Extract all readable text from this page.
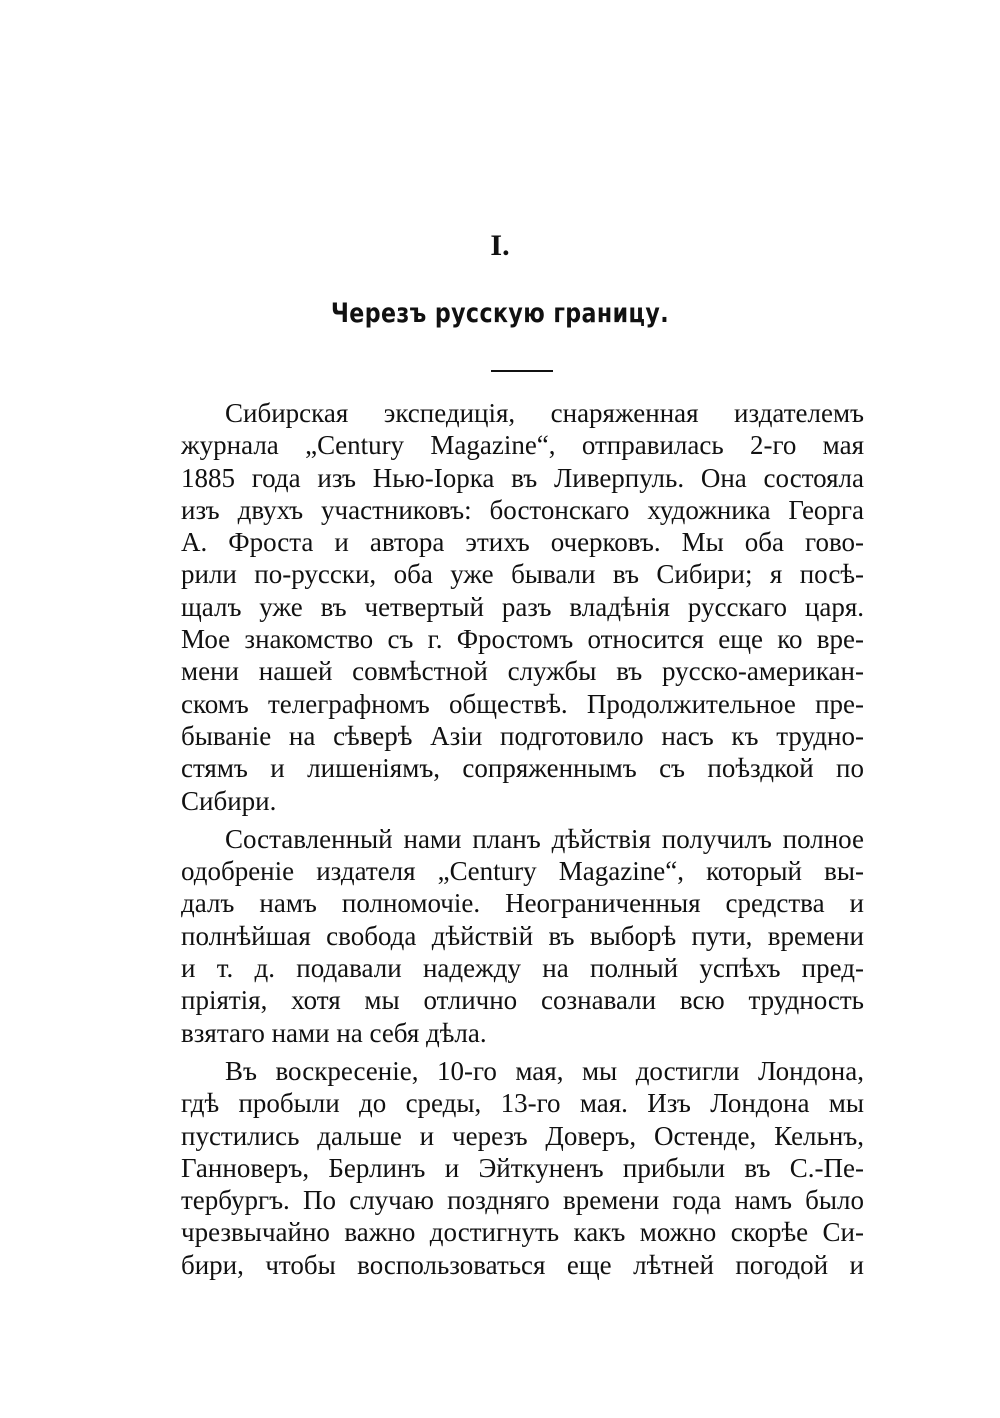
I.
Черезъ русскую границу.
Сибирская экспедиція, снаряженная издателемъ
журнала „Century Magazine“, отправилась 2-го мая
1885 года изъ Нью-Іорка въ Ливерпуль. Она состояла
изъ двухъ участниковъ: бостонскаго художника Георга
А. Фроста и автора этихъ очерковъ. Мы оба гово-
рили по-русски, оба уже бывали въ Сибири; я посѣ-
щалъ уже въ четвертый разъ владѣнія русскаго царя.
Мое знакомство съ г. Фростомъ относится еще ко вре-
мени нашей совмѣстной службы въ русско-американ-
скомъ телеграфномъ обществѣ. Продолжительное пре-
быванiе на сѣверѣ Азіи подготовило насъ къ трудно-
стямъ и лишеніямъ, сопряженнымъ съ поѣздкой по
Сибири.
Составленный нами планъ дѣйствія получилъ полное
одобреніе издателя „Century Magazine“, который вы-
далъ намъ полномочіе. Неограниченныя средства и
полнѣйшая свобода дѣйствій въ выборѣ пути, времени
и т. д. подавали надежду на полный успѣхъ пред-
пріятія, хотя мы отлично сознавали всю трудность
взятаго нами на себя дѣла.
Въ воскресеніе, 10-го мая, мы достигли Лондона,
гдѣ пробыли до среды, 13-го мая. Изъ Лондона мы
пустились дальше и черезъ Доверъ, Остенде, Кельнъ,
Ганноверъ, Берлинъ и Эйткуненъ прибыли въ С.-Пе-
тербургъ. По случаю поздняго времени года намъ было
чрезвычайно важно достигнуть какъ можно скорѣе Си-
бири, чтобы воспользоваться еще лѣтней погодой и
